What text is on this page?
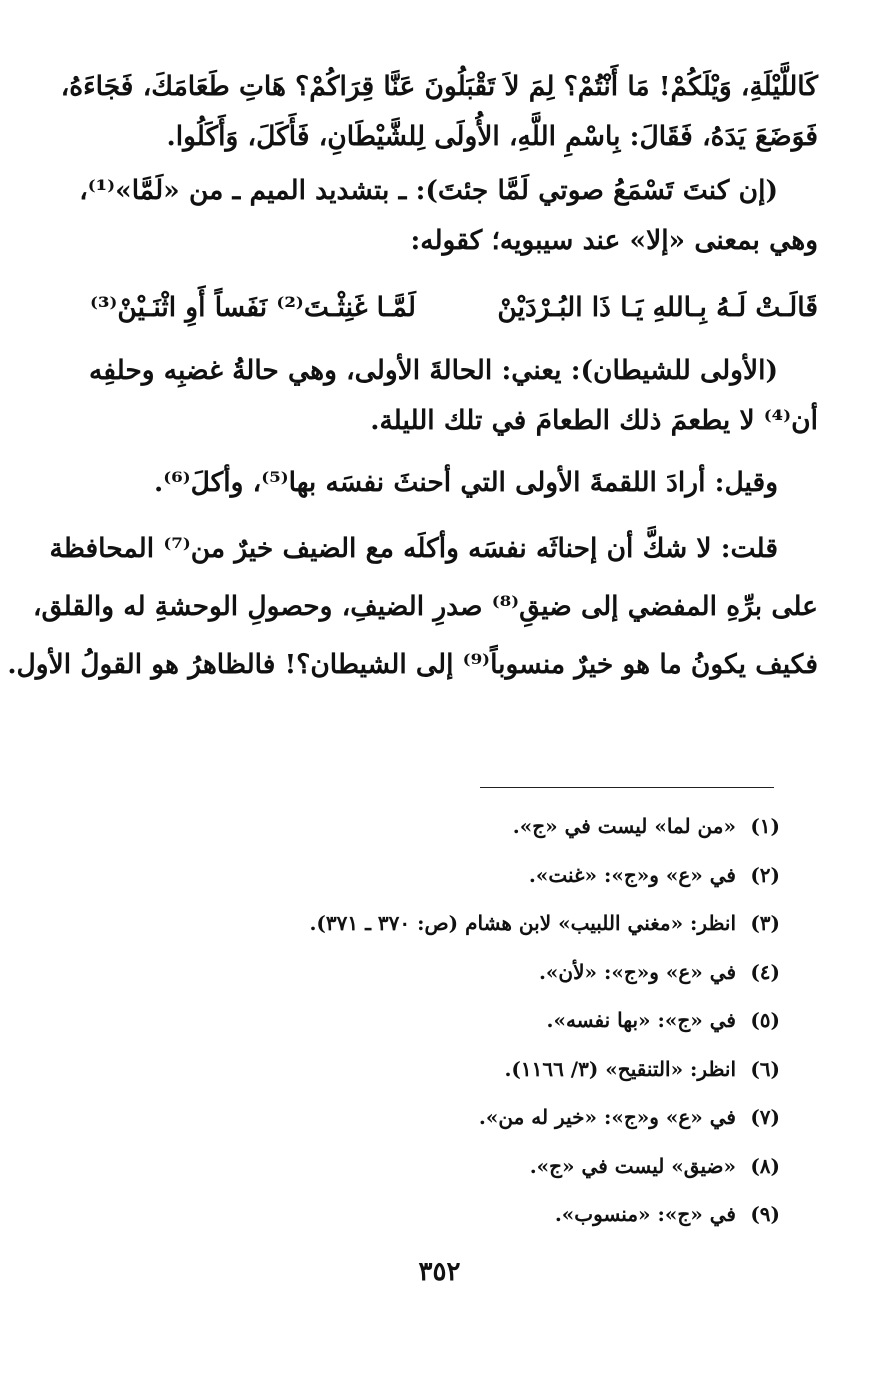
كَاللَّيْلَةِ، وَيْلَكُمْ! مَا أَنْتُمْ؟ لِمَ لاَ تَقْبَلُونَ عَنَّا قِرَاكُمْ؟ هَاتِ طَعَامَكَ، فَجَاءَهُ،
فَوَضَعَ يَدَهُ، فَقَالَ: بِاسْمِ اللَّهِ، الأُولَى لِلشَّيْطَانِ، فَأَكَلَ، وَأَكَلُوا.
(إن كنتَ تَسْمَعُ صوتي لَمَّا جئتَ): ـ بتشديد الميم ـ من «لَمَّا»⁽¹⁾،
وهي بمعنى «إلا» عند سيبويه؛ كقوله:
قَالَـتْ لَـهُ بِـاللهِ يَـا ذَا البُـرْدَيْنْ
لَمَّـا غَنِثْـتَ⁽²⁾ نَفَساً أَوِ اثْنَـيْنْ⁽³⁾
(الأولى للشيطان): يعني: الحالةَ الأولى، وهي حالةُ غضبِه وحلفِه
أن⁽⁴⁾ لا يطعمَ ذلك الطعامَ في تلك الليلة.
وقيل: أرادَ اللقمةَ الأولى التي أحنثَ نفسَه بها⁽⁵⁾، وأكلَ⁽⁶⁾.
قلت: لا شكَّ أن إحناثَه نفسَه وأكلَه مع الضيف خيرٌ من⁽⁷⁾ المحافظة
على برِّهِ المفضي إلى ضيقِ⁽⁸⁾ صدرِ الضيفِ، وحصولِ الوحشةِ له والقلق،
فكيف يكونُ ما هو خيرٌ منسوباً⁽⁹⁾ إلى الشيطان؟! فالظاهرُ هو القولُ الأول.
(١)
«من لما» ليست في «ج».
(٢)
في «ع» و«ج»: «غنت».
(٣)
انظر: «مغني اللبيب» لابن هشام (ص: ٣٧٠ ـ ٣٧١).
(٤)
في «ع» و«ج»: «لأن».
(٥)
في «ج»: «بها نفسه».
(٦)
انظر: «التنقيح» (٣/ ١١٦٦).
(٧)
في «ع» و«ج»: «خير له من».
(٨)
«ضيق» ليست في «ج».
(٩)
في «ج»: «منسوب».
٣٥٢
